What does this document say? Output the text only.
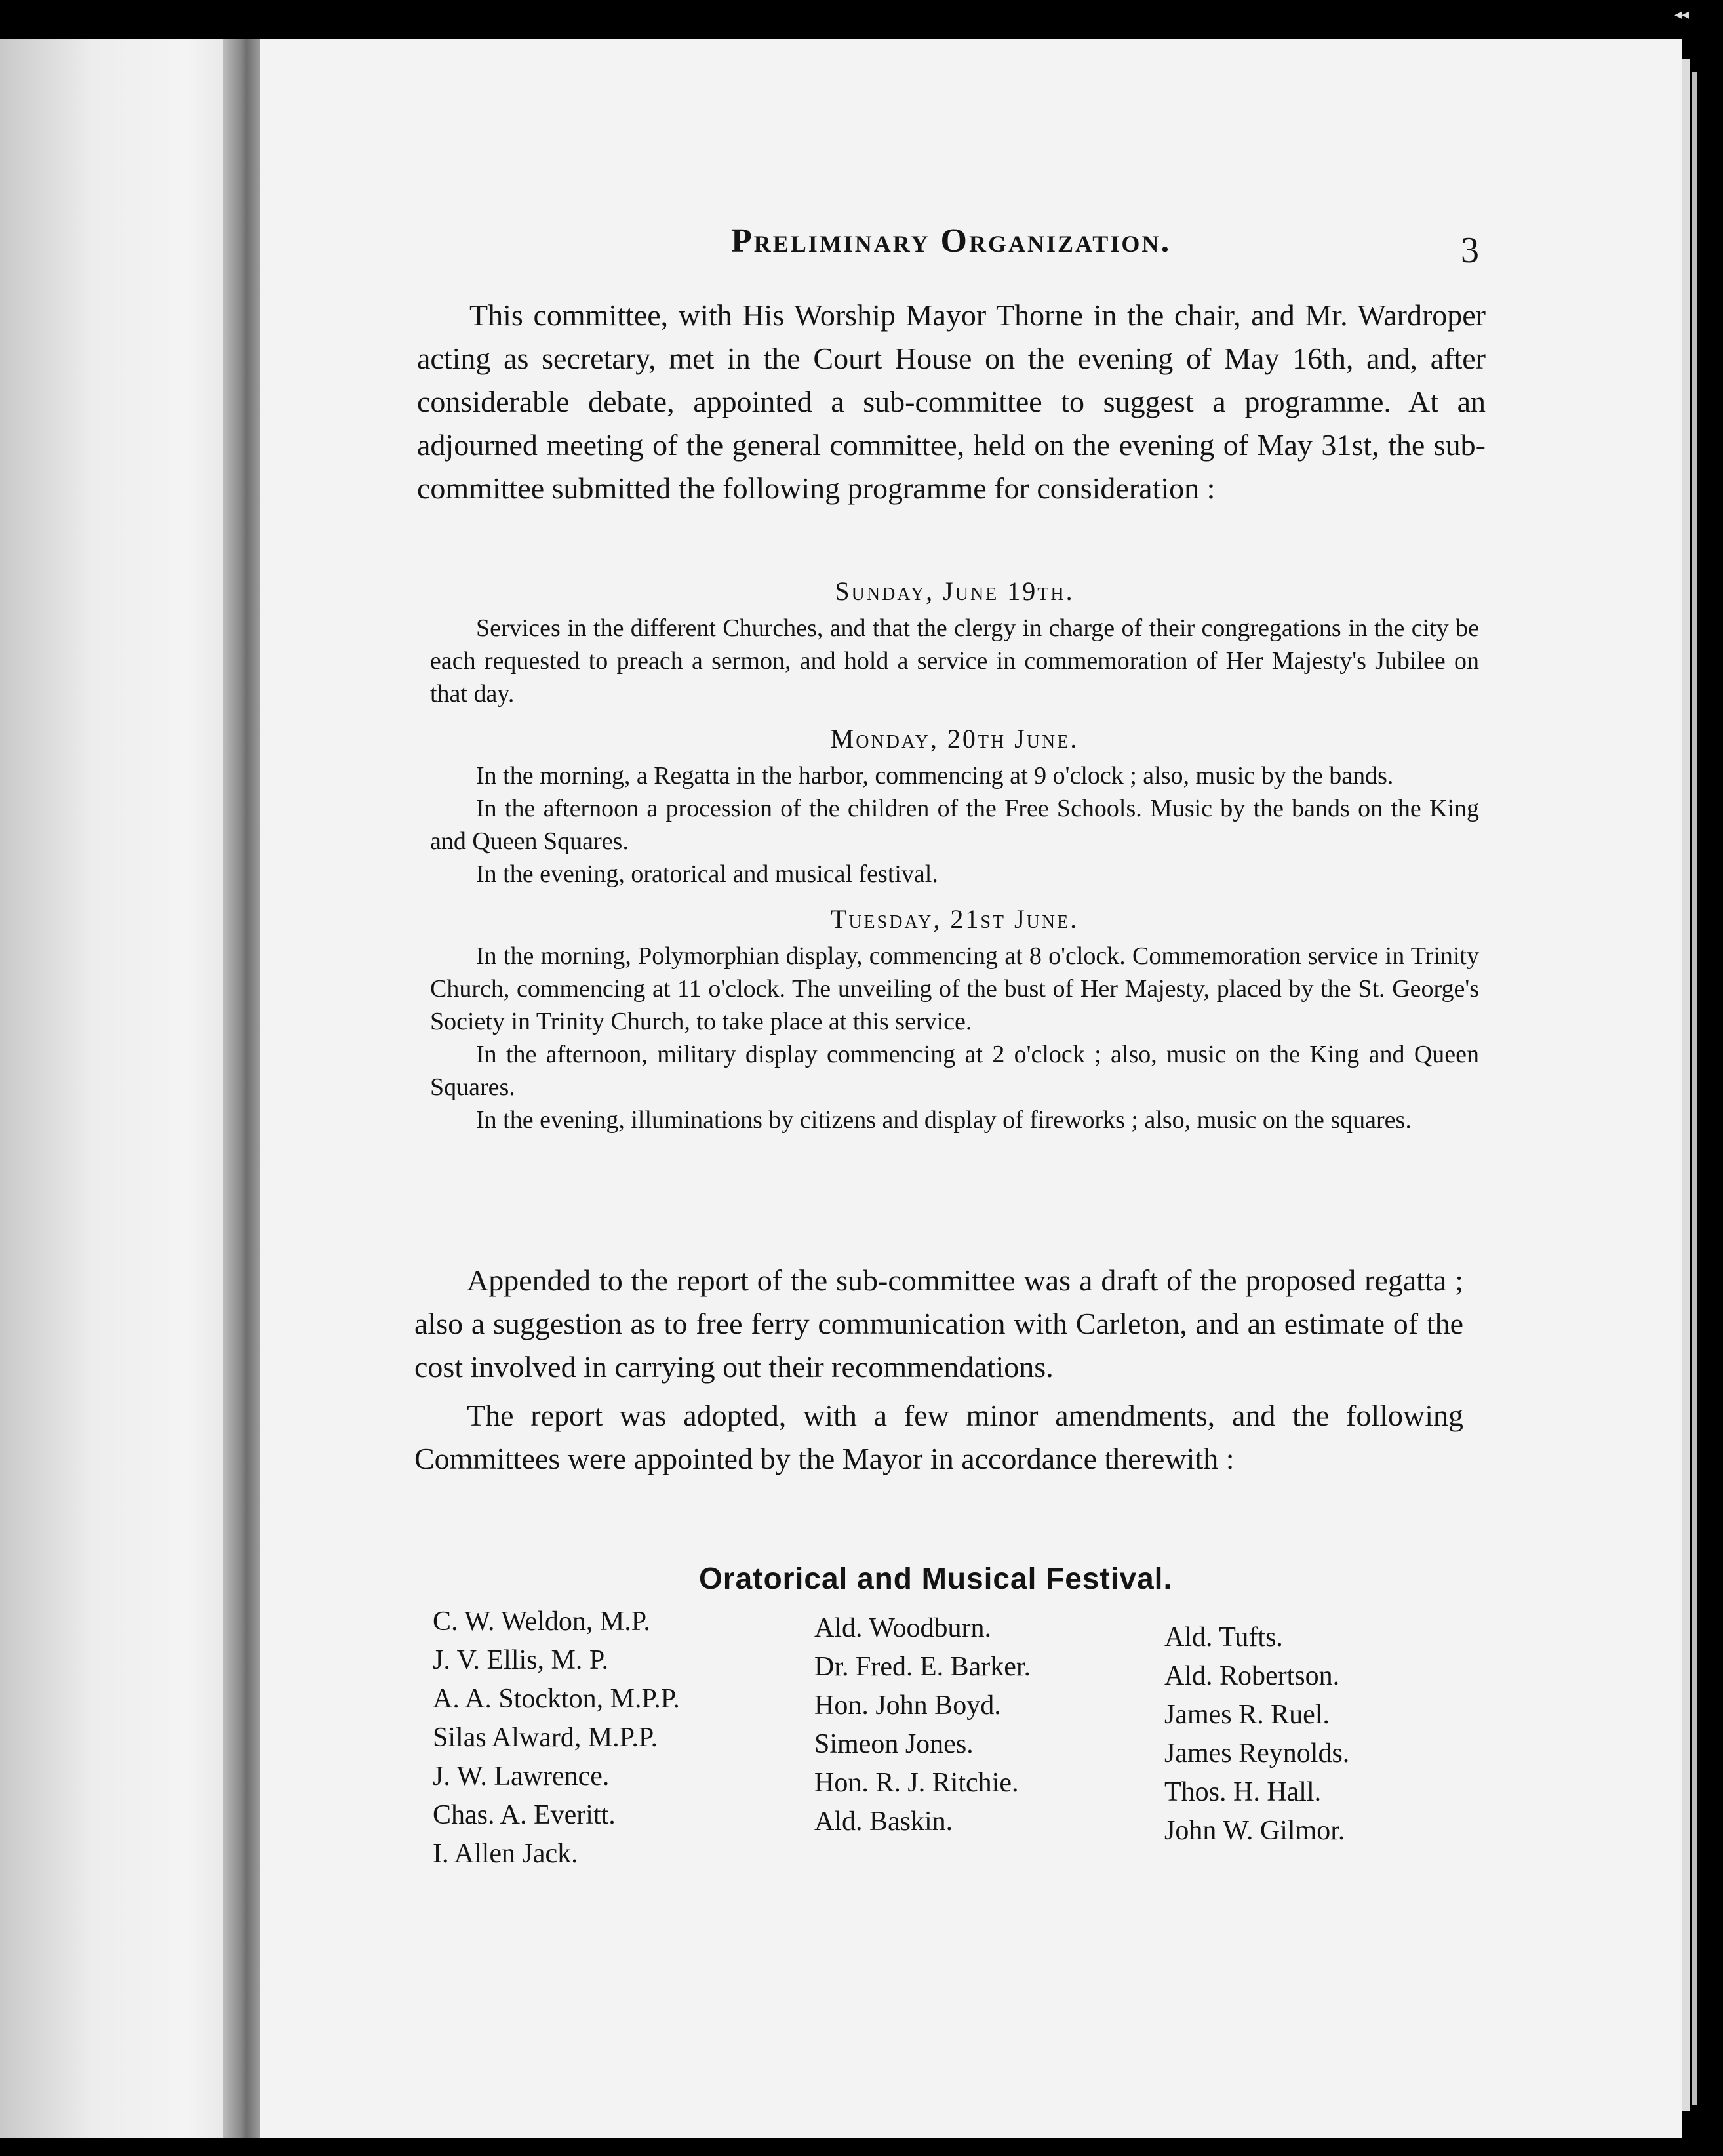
◂◂
Preliminary Organization.	3

This committee, with His Worship Mayor Thorne in the chair, and Mr. Wardroper acting as secretary, met in the Court House on the evening of May 16th, and, after considerable debate, appointed a sub-committee to suggest a programme. At an adjourned meeting of the general committee, held on the evening of May 31st, the sub-committee submitted the following programme for consideration :

Sunday, June 19th.

Services in the different Churches, and that the clergy in charge of their congregations in the city be each requested to preach a sermon, and hold a service in commemoration of Her Majesty's Jubilee on that day.

Monday, 20th June.

In the morning, a Regatta in the harbor, commencing at 9 o'clock ; also, music by the bands.

In the afternoon a procession of the children of the Free Schools. Music by the bands on the King and Queen Squares.

In the evening, oratorical and musical festival.

Tuesday, 21st June.

In the morning, Polymorphian display, commencing at 8 o'clock. Commemoration service in Trinity Church, commencing at 11 o'clock. The unveiling of the bust of Her Majesty, placed by the St. George's Society in Trinity Church, to take place at this service.

In the afternoon, military display commencing at 2 o'clock ; also, music on the King and Queen Squares.

In the evening, illuminations by citizens and display of fireworks ; also, music on the squares.

Appended to the report of the sub-committee was a draft of the proposed regatta ; also a suggestion as to free ferry communication with Carleton, and an estimate of the cost involved in carrying out their recommendations.

The report was adopted, with a few minor amendments, and the following Committees were appointed by the Mayor in accordance therewith :

Oratorical and Musical Festival.
C. W. Weldon, M.P.
J. V. Ellis, M. P.
A. A. Stockton, M.P.P.
Silas Alward, M.P.P.
J. W. Lawrence.
Chas. A. Everitt.
I. Allen Jack.
Ald. Woodburn.
Dr. Fred. E. Barker.
Hon. John Boyd.
Simeon Jones.
Hon. R. J. Ritchie.
Ald. Baskin.
Ald. Tufts.
Ald. Robertson.
James R. Ruel.
James Reynolds.
Thos. H. Hall.
John W. Gilmor.
